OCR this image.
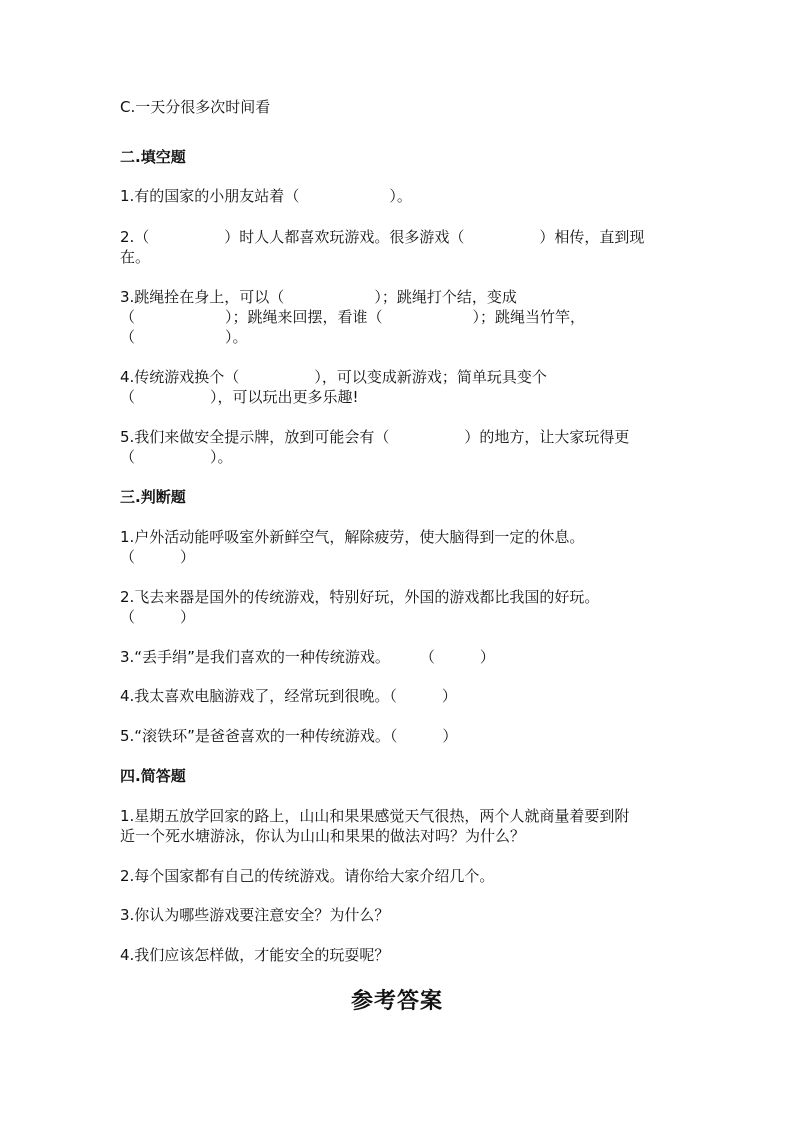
C.一天分很多次时间看
二.填空题
1.有的国家的小朋友站着（　　　　　　）。
2.（　　　　　）时人人都喜欢玩游戏。很多游戏（　　　　　）相传，直到现
在。
3.跳绳拴在身上，可以（　　　　　　）；跳绳打个结，变成
（　　　　　　）；跳绳来回摆，看谁（　　　　　　）；跳绳当竹竿，
（　　　　　　）。
4.传统游戏换个（　　　　　），可以变成新游戏；简单玩具变个
（　　　　　），可以玩出更多乐趣!
5.我们来做安全提示牌，放到可能会有（　　　　　）的地方，让大家玩得更
（　　　　　）。
三.判断题
1.户外活动能呼吸室外新鲜空气，解除疲劳，使大脑得到一定的休息。
（　　　）
2.飞去来器是国外的传统游戏，特别好玩，外国的游戏都比我国的好玩。
（　　　）
3.“丢手绢”是我们喜欢的一种传统游戏。　　　（　　　）
4.我太喜欢电脑游戏了，经常玩到很晚。（　　　）
5.“滚铁环”是爸爸喜欢的一种传统游戏。（　　　）
四.简答题
1.星期五放学回家的路上，山山和果果感觉天气很热，两个人就商量着要到附
近一个死水塘游泳，你认为山山和果果的做法对吗？为什么？
2.每个国家都有自己的传统游戏。请你给大家介绍几个。
3.你认为哪些游戏要注意安全？为什么？
4.我们应该怎样做，才能安全的玩耍呢？
参考答案
